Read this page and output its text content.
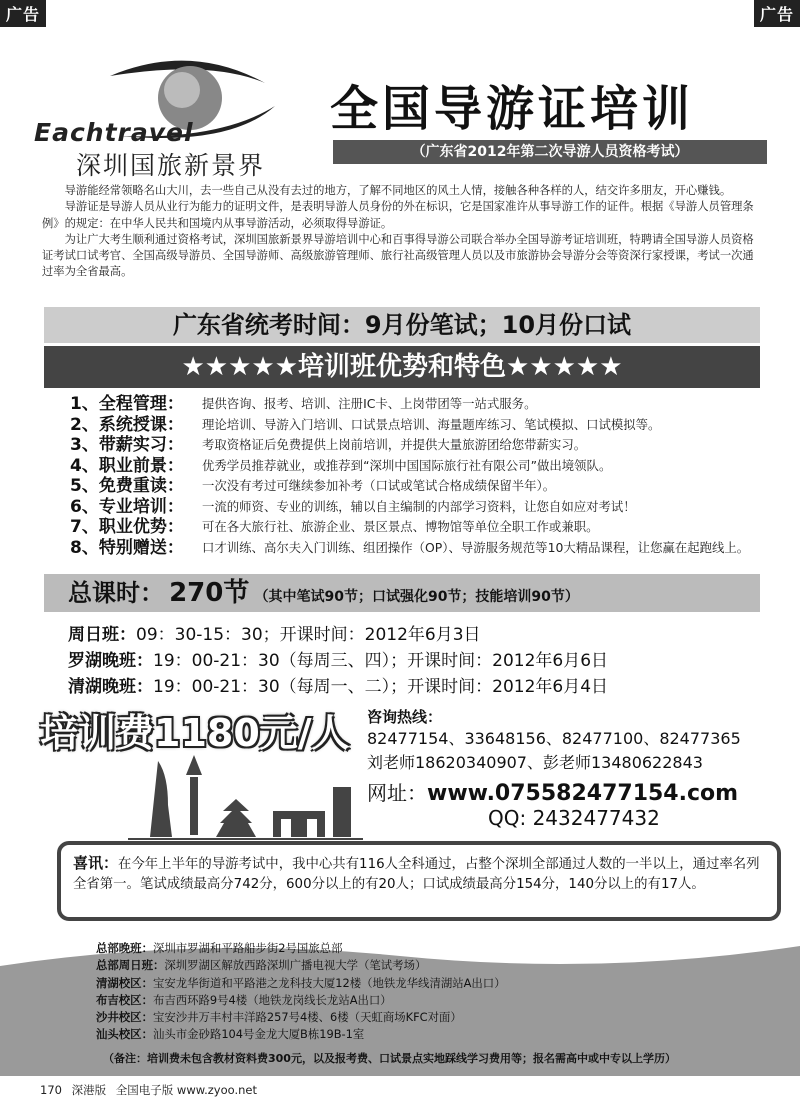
广告	广告
Eachtravel
深圳国旅新景界
全国导游证培训
（广东省2012年第二次导游人员资格考试）

导游能经常领略名山大川，去一些自己从没有去过的地方，了解不同地区的风土人情，接触各种各样的人，结交许多朋友，开心赚钱。

导游证是导游人员从业行为能力的证明文件，是表明导游人员身份的外在标识，它是国家准许从事导游工作的证件。根据《导游人员管理条例》的规定：在中华人民共和国境内从事导游活动，必须取得导游证。

为让广大考生顺利通过资格考试，深圳国旅新景界导游培训中心和百事得导游公司联合举办全国导游考证培训班，特聘请全国导游人员资格证考试口试考官、全国高级导游员、全国导游师、高级旅游管理师、旅行社高级管理人员以及市旅游协会导游分会等资深行家授课，考试一次通过率为全省最高。

广东省统考时间：9月份笔试；10月份口试
★★★★★培训班优势和特色★★★★★
1、全程管理：	提供咨询、报考、培训、注册IC卡、上岗带团等一站式服务。
2、系统授课：	理论培训、导游入门培训、口试景点培训、海量题库练习、笔试模拟、口试模拟等。
3、带薪实习：	考取资格证后免费提供上岗前培训，并提供大量旅游团给您带薪实习。
4、职业前景：	优秀学员推荐就业，或推荐到“深圳中国国际旅行社有限公司”做出境领队。
5、免费重读：	一次没有考过可继续参加补考（口试或笔试合格成绩保留半年）。
6、专业培训：	一流的师资、专业的训练，辅以自主编制的内部学习资料，让您自如应对考试！
7、职业优势：	可在各大旅行社、旅游企业、景区景点、博物馆等单位全职工作或兼职。
8、特别赠送：	口才训练、高尔夫入门训练、组团操作（OP）、导游服务规范等10大精品课程，让您赢在起跑线上。
总课时： 270节 （其中笔试90节；口试强化90节；技能培训90节）
周日班：09：30-15：30；开课时间：2012年6月3日
罗湖晚班：19：00-21：30（每周三、四）；开课时间：2012年6月6日
清湖晚班：19：00-21：30（每周一、二）；开课时间：2012年6月4日
培训费1180元/人 咨询热线：
82477154、33648156、82477100、82477365
刘老师18620340907、彭老师13480622843
网址：www.075582477154.com
QQ: 2432477432
喜讯：在今年上半年的导游考试中，我中心共有116人全科通过，占整个深圳全部通过人数的一半以上，通过率名列全省第一。笔试成绩最高分742分，600分以上的有20人；口试成绩最高分154分，140分以上的有17人。
总部晚班：深圳市罗湖和平路船步街2号国旅总部
总部周日班：深圳罗湖区解放西路深圳广播电视大学（笔试考场）
清湖校区：宝安龙华街道和平路港之龙科技大厦12楼（地铁龙华线清湖站A出口）
布吉校区：布吉西环路9号4楼（地铁龙岗线长龙站A出口）
沙井校区：宝安沙井万丰村丰洋路257号4楼、6楼（天虹商场KFC对面）
汕头校区：汕头市金砂路104号金龙大厦B栋19B-1室
（备注：培训费未包含教材资料费300元，以及报考费、口试景点实地踩线学习费用等；报名需高中或中专以上学历）
170 深港版 全国电子版 www.zyoo.net
